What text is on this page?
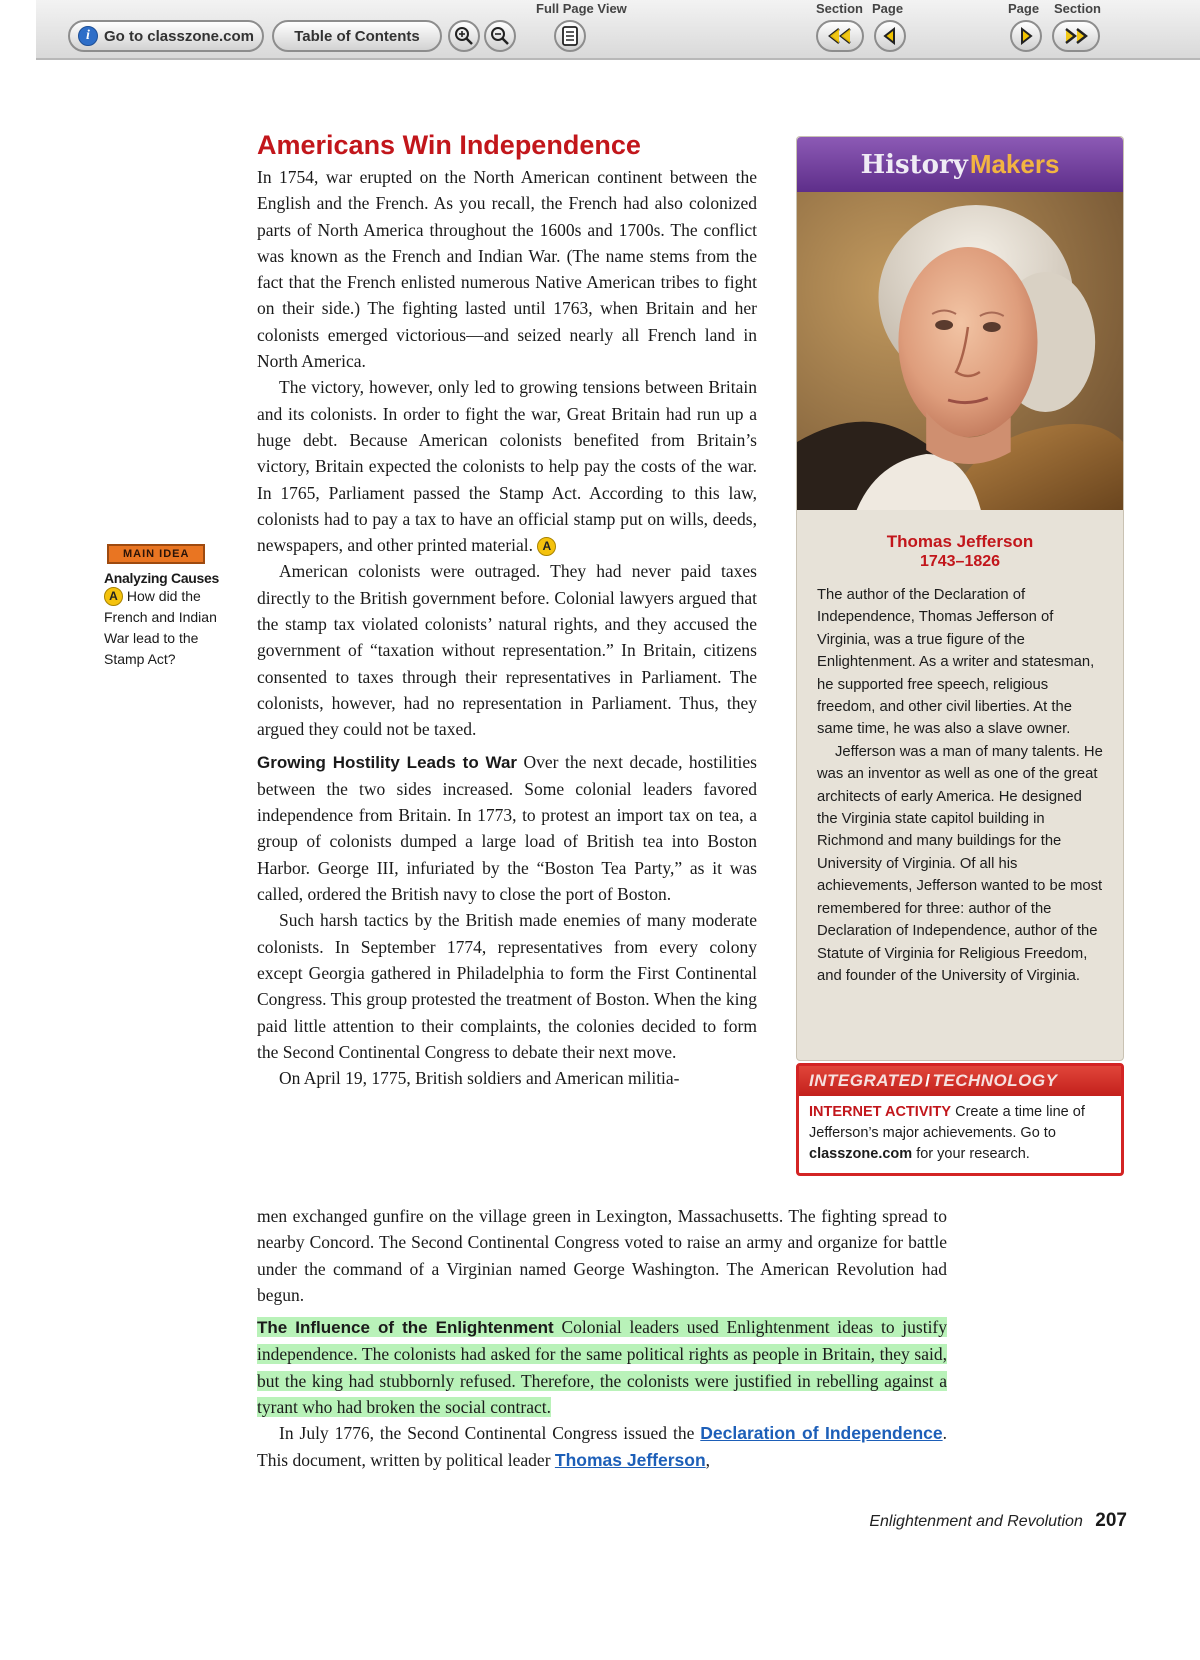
i Go to classzone.com	Table of Contents
Full Page View	Section Page	Page Section
MAIN IDEA
Analyzing Causes
A How did the French and Indian War lead to the Stamp Act?
Americans Win Independence

In 1754, war erupted on the North American continent between the English and the French. As you recall, the French had also colonized parts of North America throughout the 1600s and 1700s. The conflict was known as the French and Indian War. (The name stems from the fact that the French enlisted numerous Native American tribes to fight on their side.) The fighting lasted until 1763, when Britain and her colonists emerged victorious—and seized nearly all French land in North America.

The victory, however, only led to growing tensions between Britain and its colonists. In order to fight the war, Great Britain had run up a huge debt. Because American colonists benefited from Britain’s victory, Britain expected the colonists to help pay the costs of the war. In 1765, Parliament passed the Stamp Act. According to this law, colonists had to pay a tax to have an official stamp put on wills, deeds, newspapers, and other printed material. A

American colonists were outraged. They had never paid taxes directly to the British government before. Colonial lawyers argued that the stamp tax violated colonists’ natural rights, and they accused the government of “taxation without representation.” In Britain, citizens consented to taxes through their representatives in Parliament. The colonists, however, had no representation in Parliament. Thus, they argued they could not be taxed.

Growing Hostility Leads to War Over the next decade, hostilities between the two sides increased. Some colonial leaders favored independence from Britain. In 1773, to protest an import tax on tea, a group of colonists dumped a large load of British tea into Boston Harbor. George III, infuriated by the “Boston Tea Party,” as it was called, ordered the British navy to close the port of Boston.

Such harsh tactics by the British made enemies of many moderate colonists. In September 1774, representatives from every colony except Georgia gathered in Philadelphia to form the First Continental Congress. This group protested the treatment of Boston. When the king paid little attention to their complaints, the colonies decided to form the Second Continental Congress to debate their next move.

On April 19, 1775, British soldiers and American militia-

men exchanged gunfire on the village green in Lexington, Massachusetts. The fighting spread to nearby Concord. The Second Continental Congress voted to raise an army and organize for battle under the command of a Virginian named George Washington. The American Revolution had begun.

The Influence of the Enlightenment Colonial leaders used Enlightenment ideas to justify independence. The colonists had asked for the same political rights as people in Britain, they said, but the king had stubbornly refused. Therefore, the colonists were justified in rebelling against a tyrant who had broken the social contract.

In July 1776, the Second Continental Congress issued the Declaration of Independence. This document, written by political leader Thomas Jefferson,

History Makers
Thomas Jefferson
1743–1826

The author of the Declaration of Independence, Thomas Jefferson of Virginia, was a true figure of the Enlightenment. As a writer and statesman, he supported free speech, religious freedom, and other civil liberties. At the same time, he was also a slave owner.

Jefferson was a man of many talents. He was an inventor as well as one of the great architects of early America. He designed the Virginia state capitol building in Richmond and many buildings for the University of Virginia. Of all his achievements, Jefferson wanted to be most remembered for three: author of the Declaration of Independence, author of the Statute of Virginia for Religious Freedom, and founder of the University of Virginia.

INTEGRATED / TECHNOLOGY
INTERNET ACTIVITY Create a time line of Jefferson’s major achievements. Go to classzone.com for your research.
Enlightenment and Revolution 207
